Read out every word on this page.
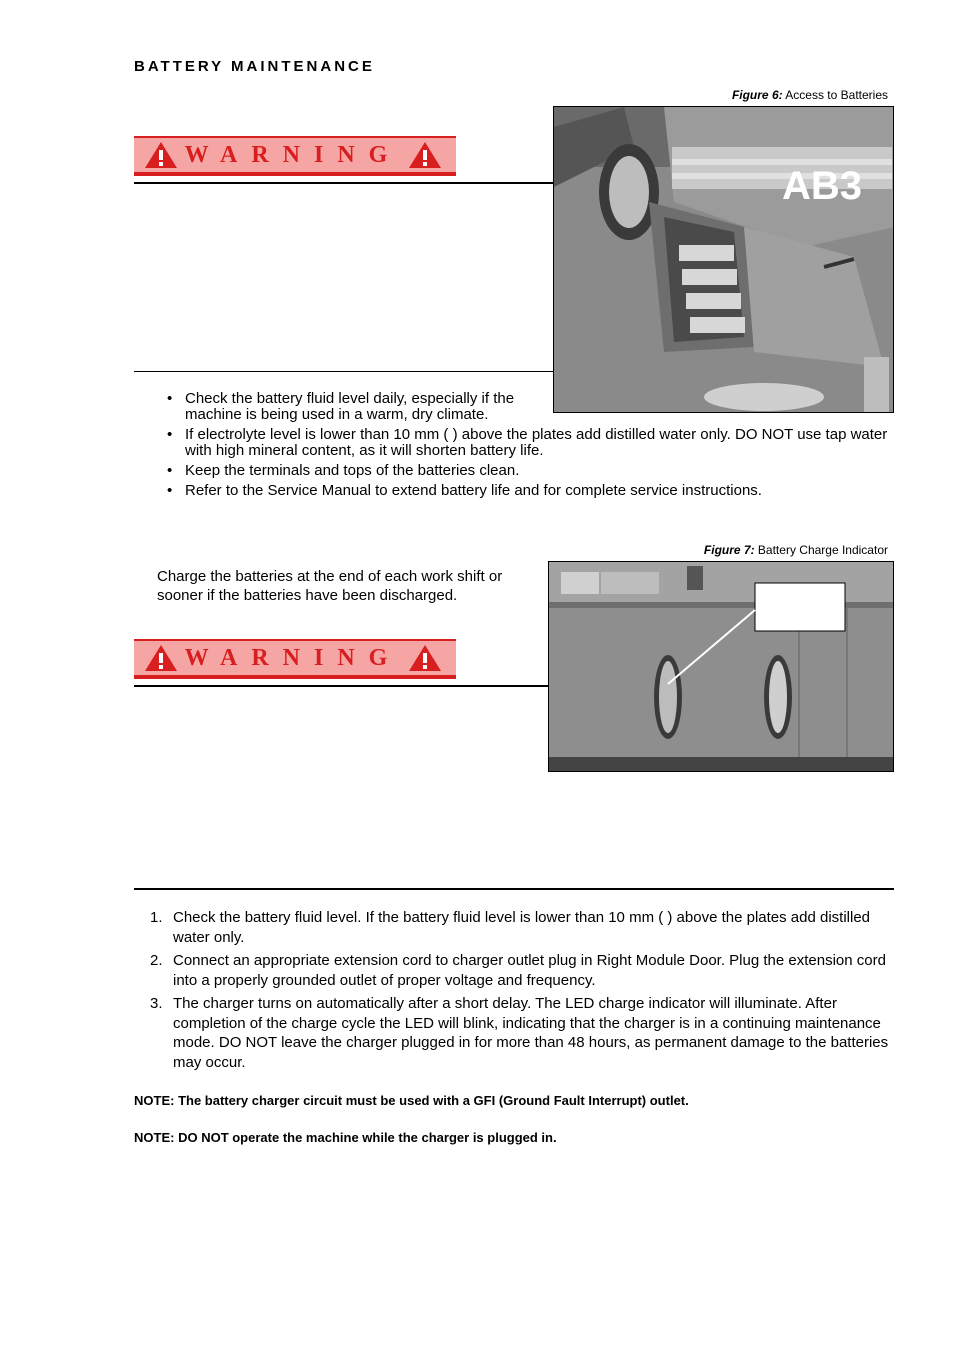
BATTERY MAINTENANCE
Figure 6: Access to Batteries
AB3
WARNING
• Check the battery fluid level daily, especially if the machine is being used in a warm, dry climate.
• If electrolyte level is lower than 10 mm ( ) above the plates add distilled water only. DO NOT use tap water with high mineral content, as it will shorten battery life.
• Keep the terminals and tops of the batteries clean.
• Refer to the Service Manual to extend battery life and for complete service instructions.
Figure 7: Battery Charge Indicator
Charge the batteries at the end of each work shift or sooner if the batteries have been discharged.
WARNING
1. Check the battery fluid level. If the battery fluid level is lower than 10 mm ( ) above the plates add distilled water only.
2. Connect an appropriate extension cord to charger outlet plug in Right Module Door. Plug the extension cord into a properly grounded outlet of proper voltage and frequency.
3. The charger turns on automatically after a short delay. The LED charge indicator will illuminate. After completion of the charge cycle the LED will blink, indicating that the charger is in a continuing maintenance mode. DO NOT leave the charger plugged in for more than 48 hours, as permanent damage to the batteries may occur.
NOTE: The battery charger circuit must be used with a GFI (Ground Fault Interrupt) outlet.
NOTE: DO NOT operate the machine while the charger is plugged in.
